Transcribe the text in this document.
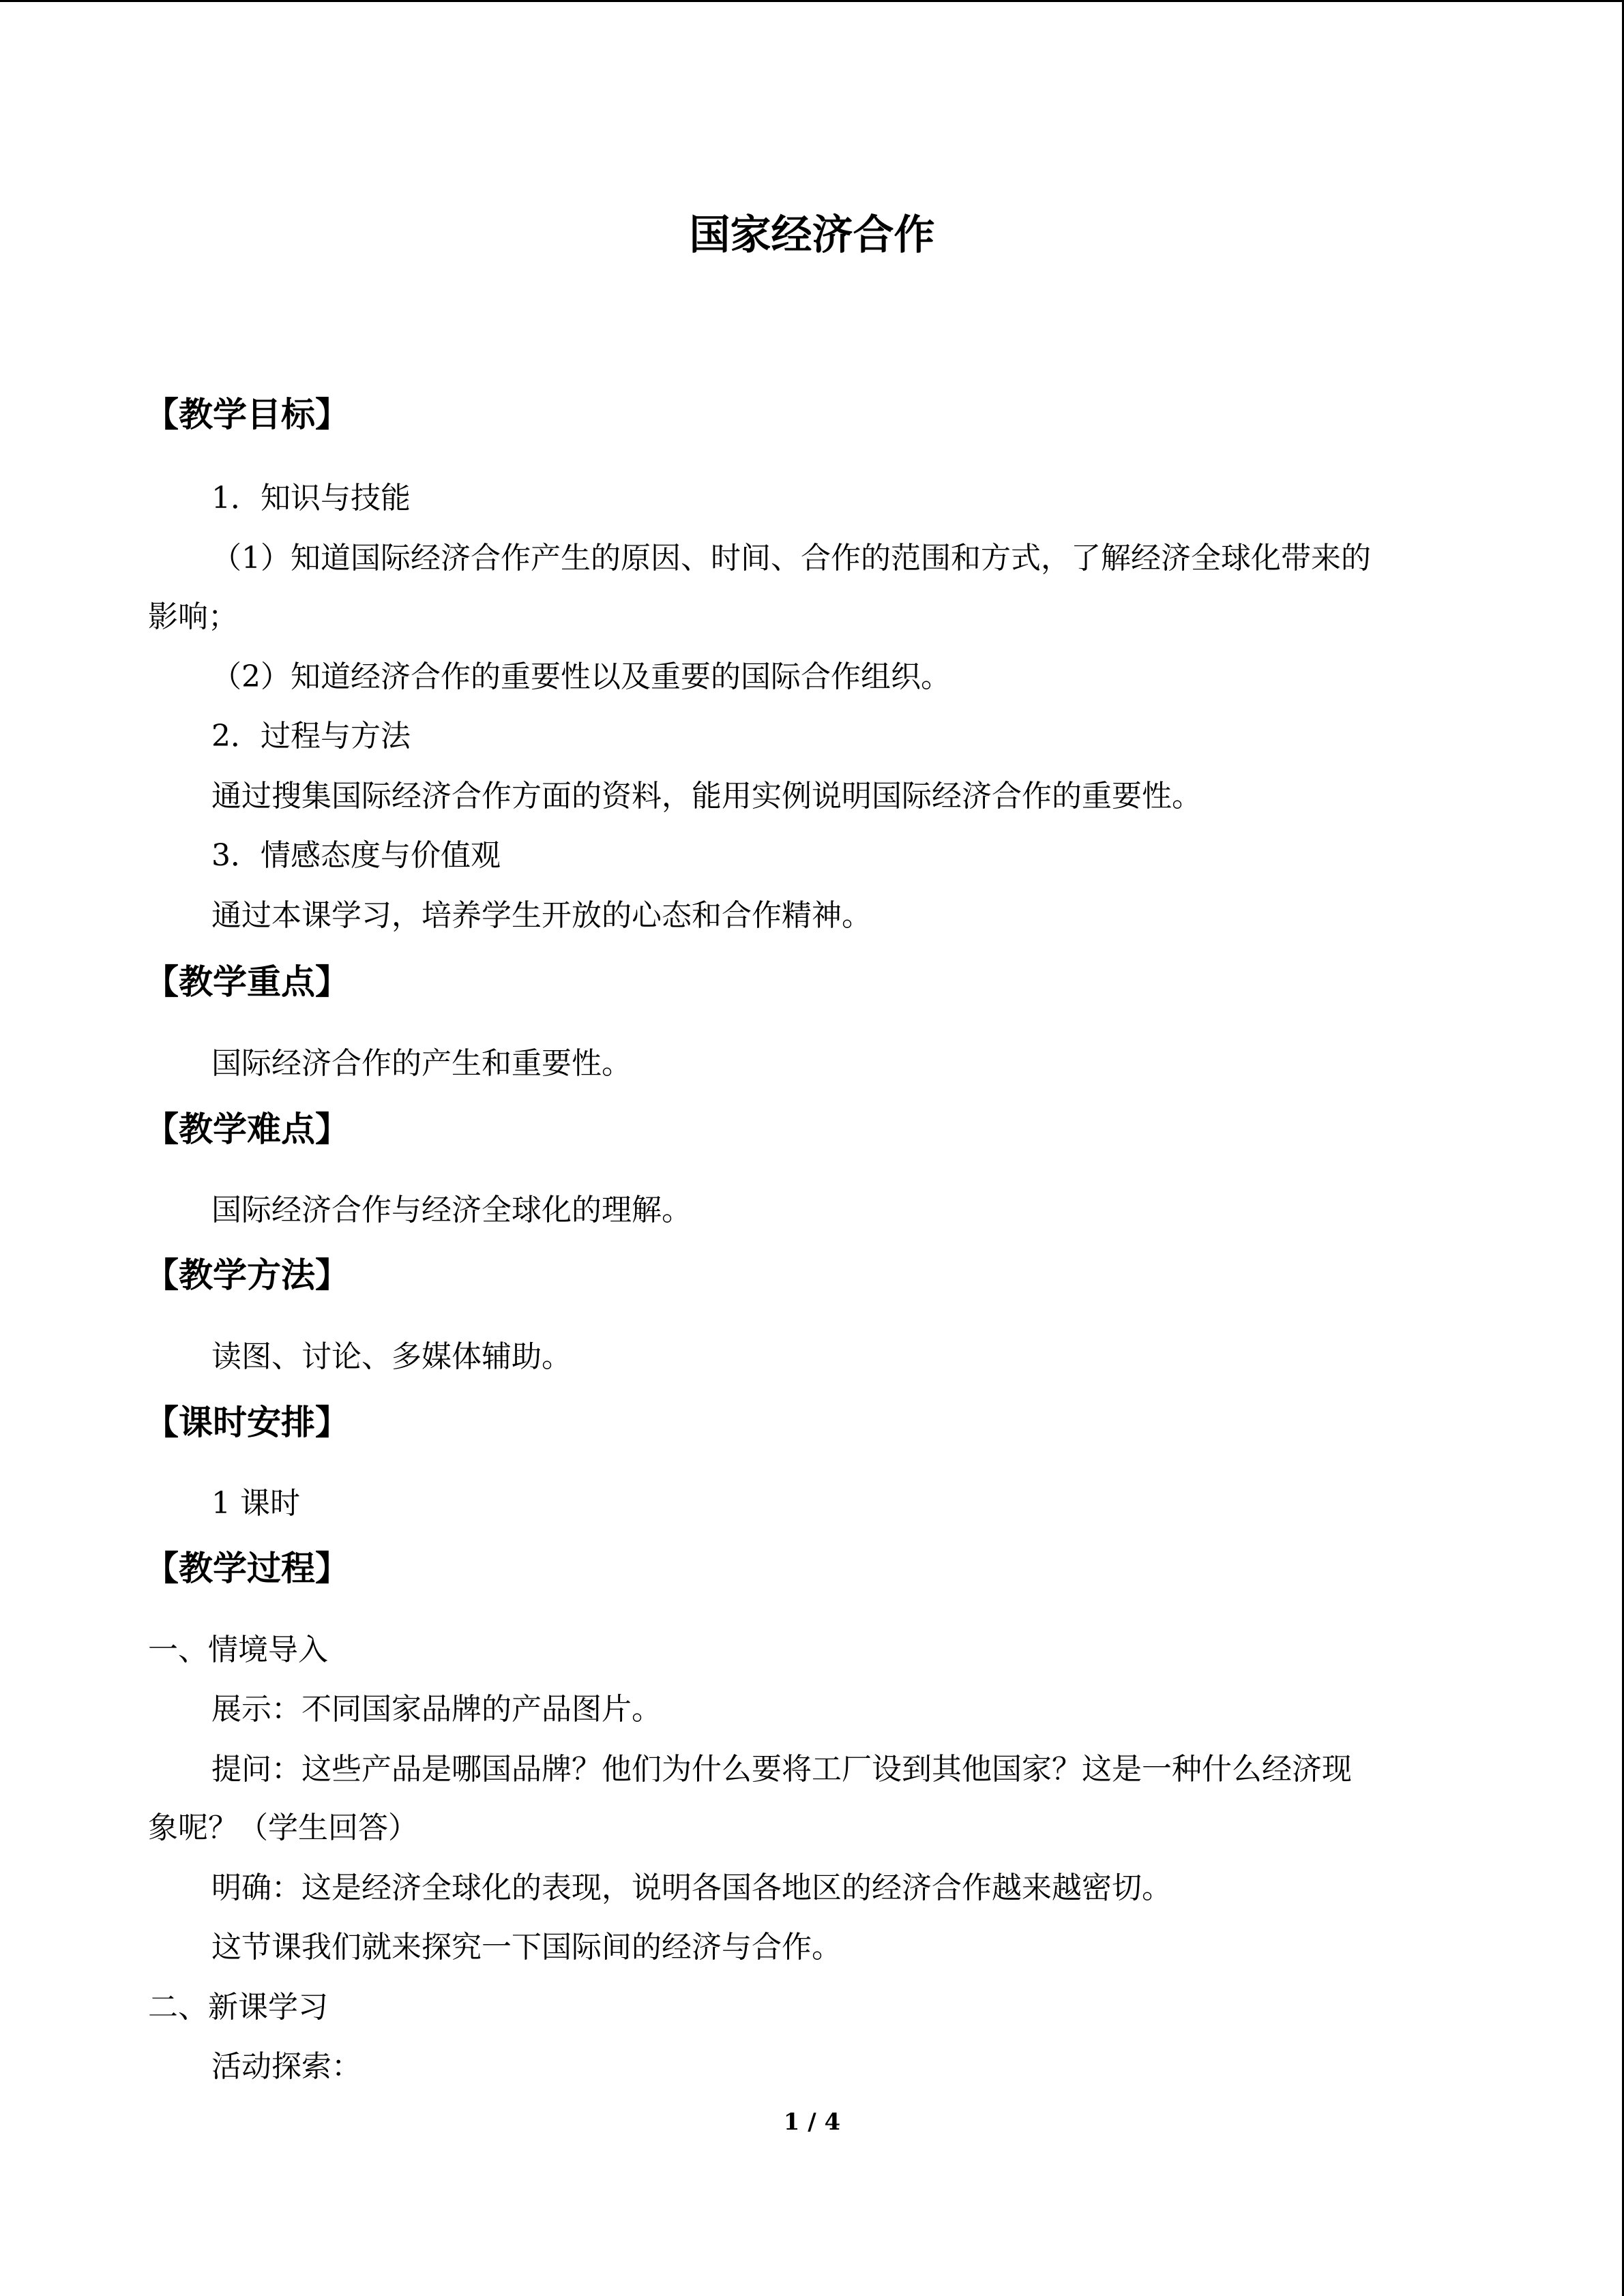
国家经济合作
【教学目标】
1．知识与技能
（1）知道国际经济合作产生的原因、时间、合作的范围和方式，了解经济全球化带来的
影响；
（2）知道经济合作的重要性以及重要的国际合作组织。
2．过程与方法
通过搜集国际经济合作方面的资料，能用实例说明国际经济合作的重要性。
3．情感态度与价值观
通过本课学习，培养学生开放的心态和合作精神。
【教学重点】
国际经济合作的产生和重要性。
【教学难点】
国际经济合作与经济全球化的理解。
【教学方法】
读图、讨论、多媒体辅助。
【课时安排】
1 课时
【教学过程】
一、情境导入
展示：不同国家品牌的产品图片。
提问：这些产品是哪国品牌？他们为什么要将工厂设到其他国家？这是一种什么经济现
象呢？（学生回答）
明确：这是经济全球化的表现，说明各国各地区的经济合作越来越密切。
这节课我们就来探究一下国际间的经济与合作。
二、新课学习
活动探索：
1 / 4
